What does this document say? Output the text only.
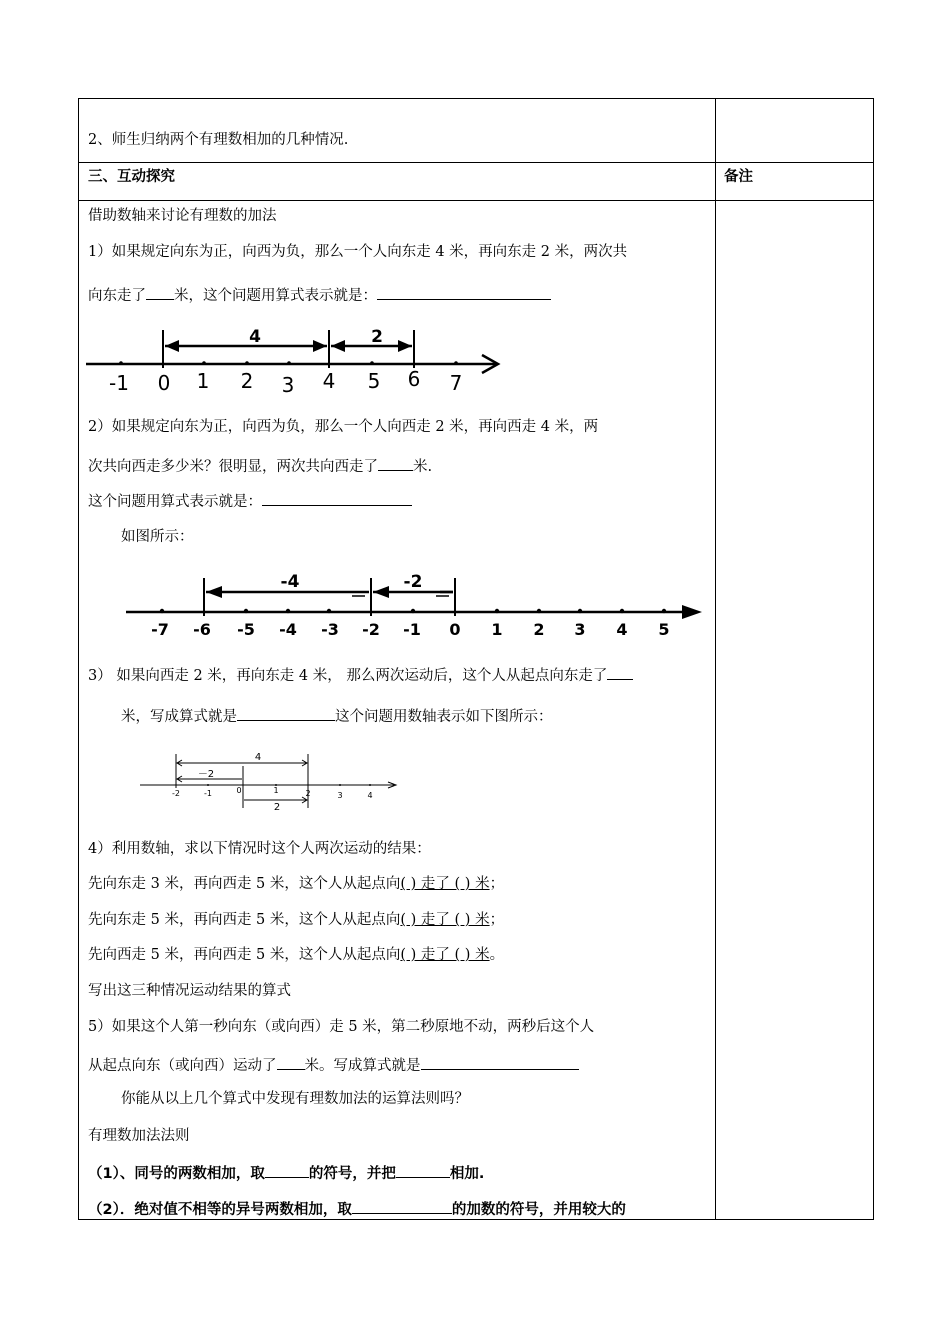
2、师生归纳两个有理数相加的几种情况.
三、互动探究	备注
借助数轴来讨论有理数的加法
1）如果规定向东为正，向西为负，那么一个人向东走 4 米，再向东走 2 米，两次共
向东走了 米，这个问题用算式表示就是：
4	2
-1 0 1 2 3 4 5 6 7
2）如果规定向东为正，向西为负，那么一个人向西走 2 米，再向西走 4 米，两
次共向西走多少米？很明显，两次共向西走了 米.
这个问题用算式表示就是：
如图所示：
-4	-2
-7 -6 -5 -4 -3 -2 -1 0 1 2 3 4 5
3） 如果向西走 2 米，再向东走 4 米， 那么两次运动后，这个人从起点向东走了
米，写成算式就是	这个问题用数轴表示如下图所示：
4
－2
2
-2	-1	0	1	2	3	4
4）利用数轴，求以下情况时这个人两次运动的结果：
先向东走 3 米，再向西走 5 米，这个人从起点向( ) 走了 ( ) 米；
先向东走 5 米，再向西走 5 米，这个人从起点向( ) 走了 ( ) 米；
先向西走 5 米，再向西走 5 米，这个人从起点向( ) 走了 ( ) 米。
写出这三种情况运动结果的算式
5）如果这个人第一秒向东（或向西）走 5 米，第二秒原地不动，两秒后这个人
从起点向东（或向西）运动了 米。写成算式就是
你能从以上几个算式中发现有理数加法的运算法则吗？
有理数加法法则
（1）、同号的两数相加，取	的符号，并把	相加.
（2）．绝对值不相等的异号两数相加，取	的加数的符号，并用较大的
